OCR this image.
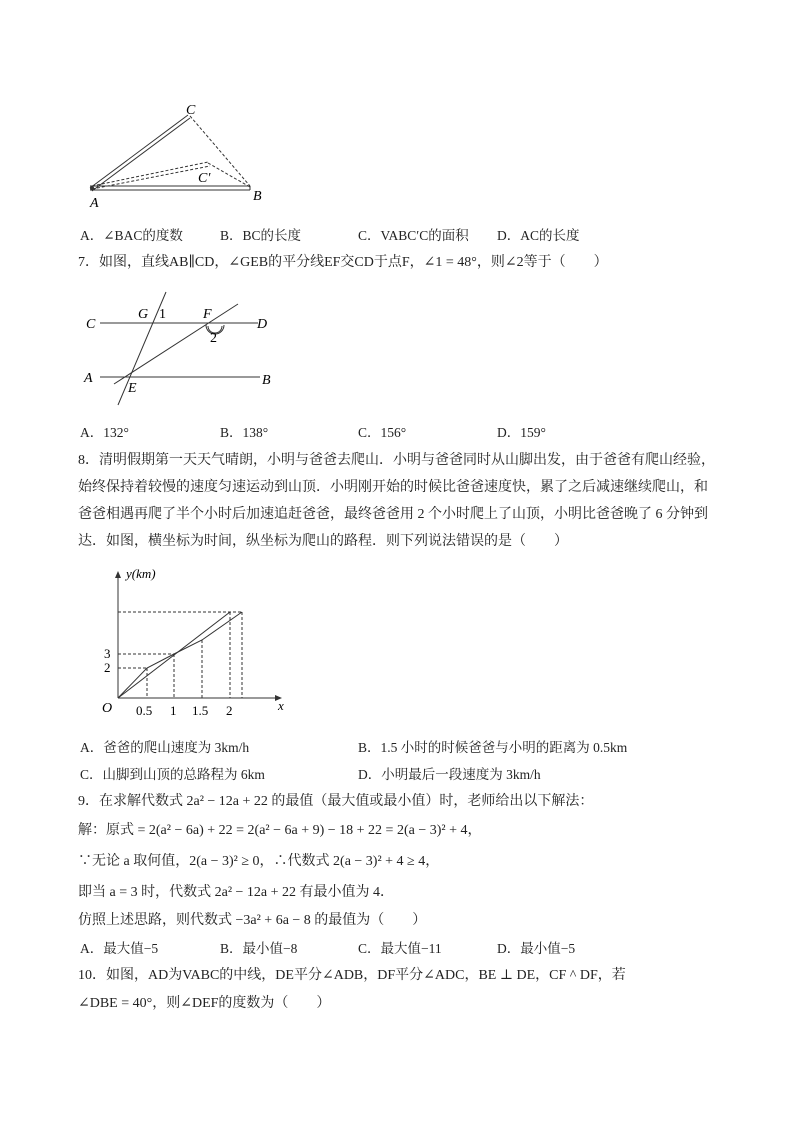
C
C′
A	B
A．∠BAC的度数	B．BC的长度	C．VABC′C的面积 D．AC的长度
7．如图，直线AB∥CD，∠GEB的平分线EF交CD于点F，∠1 = 48°，则∠2等于（　　）
C
G 1	F
D
2
A
E
B
A．132°	B．138°	C．156°	D．159°
8．清明假期第一天天气晴朗，小明与爸爸去爬山．小明与爸爸同时从山脚出发，由于爸爸有爬山经验，
始终保持着较慢的速度匀速运动到山顶．小明刚开始的时候比爸爸速度快，累了之后减速继续爬山，和
爸爸相遇再爬了半个小时后加速追赶爸爸，最终爸爸用 2 个小时爬上了山顶，小明比爸爸晚了 6 分钟到
达．如图，横坐标为时间，纵坐标为爬山的路程．则下列说法错误的是（　　）
y(km)
x
O 0.5 1 1.5 2
3
2
A．爸爸的爬山速度为 3km/h	B．1.5 小时的时候爸爸与小明的距离为 0.5km
C．山脚到山顶的总路程为 6km	D．小明最后一段速度为 3km/h
9．在求解代数式 2a² − 12a + 22 的最值（最大值或最小值）时，老师给出以下解法：
解：原式 = 2(a² − 6a) + 22 = 2(a² − 6a + 9) − 18 + 22 = 2(a − 3)² + 4，
∵无论 a 取何值，2(a − 3)² ≥ 0，∴代数式 2(a − 3)² + 4 ≥ 4，
即当 a = 3 时，代数式 2a² − 12a + 22 有最小值为 4．
仿照上述思路，则代数式 −3a² + 6a − 8 的最值为（　　）
A．最大值−5	B．最小值−8	C．最大值−11	D．最小值−5
10．如图，AD为VABC的中线，DE平分∠ADB，DF平分∠ADC，BE ⊥ DE，CF ^ DF，若
∠DBE = 40°，则∠DEF的度数为（　　）
